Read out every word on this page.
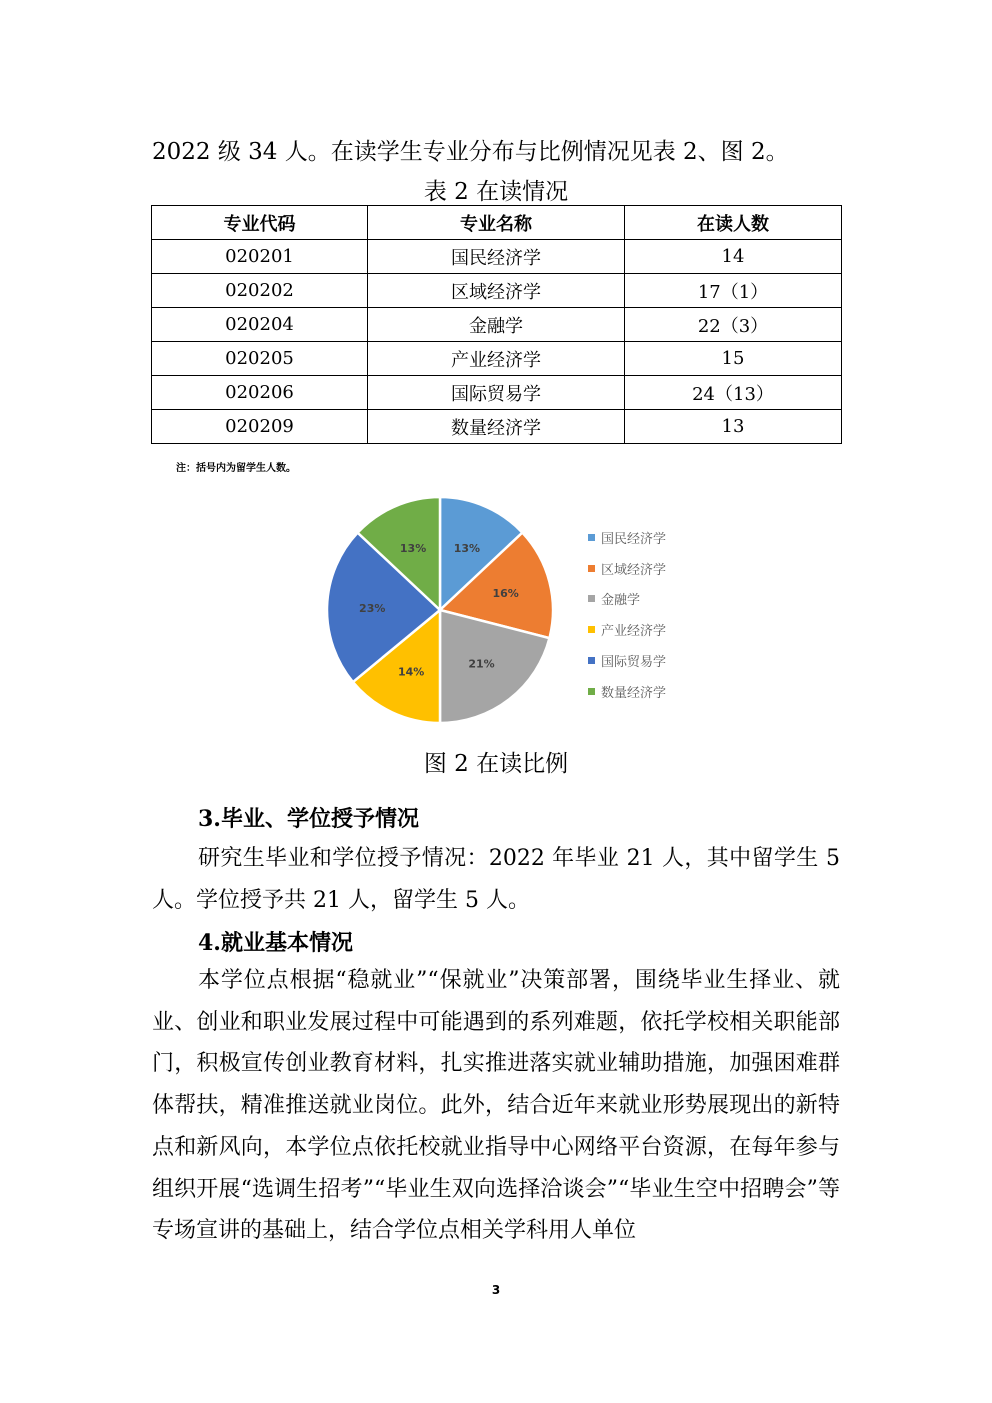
2022 级 34 人。在读学生专业分布与比例情况见表 2、图 2。
表 2 在读情况
专业代码	专业名称	在读人数
020201	国民经济学	14
020202	区域经济学	17（1）
020204	金融学	22（3）
020205	产业经济学	15
020206	国际贸易学	24（13）
020209	数量经济学	13
注：括号内为留学生人数。
13%
16%
21%
14%
23%
13%
国民经济学
区域经济学
金融学
产业经济学
国际贸易学
数量经济学
图 2 在读比例
3.毕业、学位授予情况
研究生毕业和学位授予情况：2022 年毕业 21 人，其中留学生 5 人。学位授予共 21 人，留学生 5 人。
4.就业基本情况
本学位点根据“稳就业”“保就业”决策部署，围绕毕业生择业、就业、创业和职业发展过程中可能遇到的系列难题，依托学校相关职能部门，积极宣传创业教育材料，扎实推进落实就业辅助措施，加强困难群体帮扶，精准推送就业岗位。此外，结合近年来就业形势展现出的新特点和新风向，本学位点依托校就业指导中心网络平台资源，在每年参与组织开展“选调生招考”“毕业生双向选择洽谈会”“毕业生空中招聘会”等专场宣讲的基础上，结合学位点相关学科用人单位
3
